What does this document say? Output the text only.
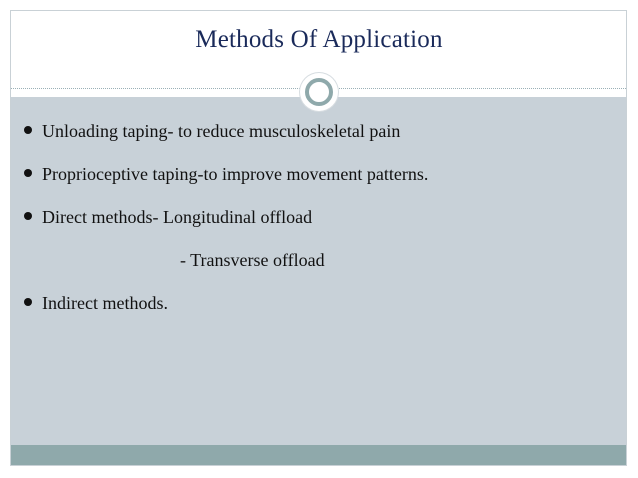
Methods Of Application
Unloading taping- to reduce musculoskeletal pain
Proprioceptive taping-to improve movement patterns.
Direct methods- Longitudinal offload
- Transverse offload
Indirect methods.
